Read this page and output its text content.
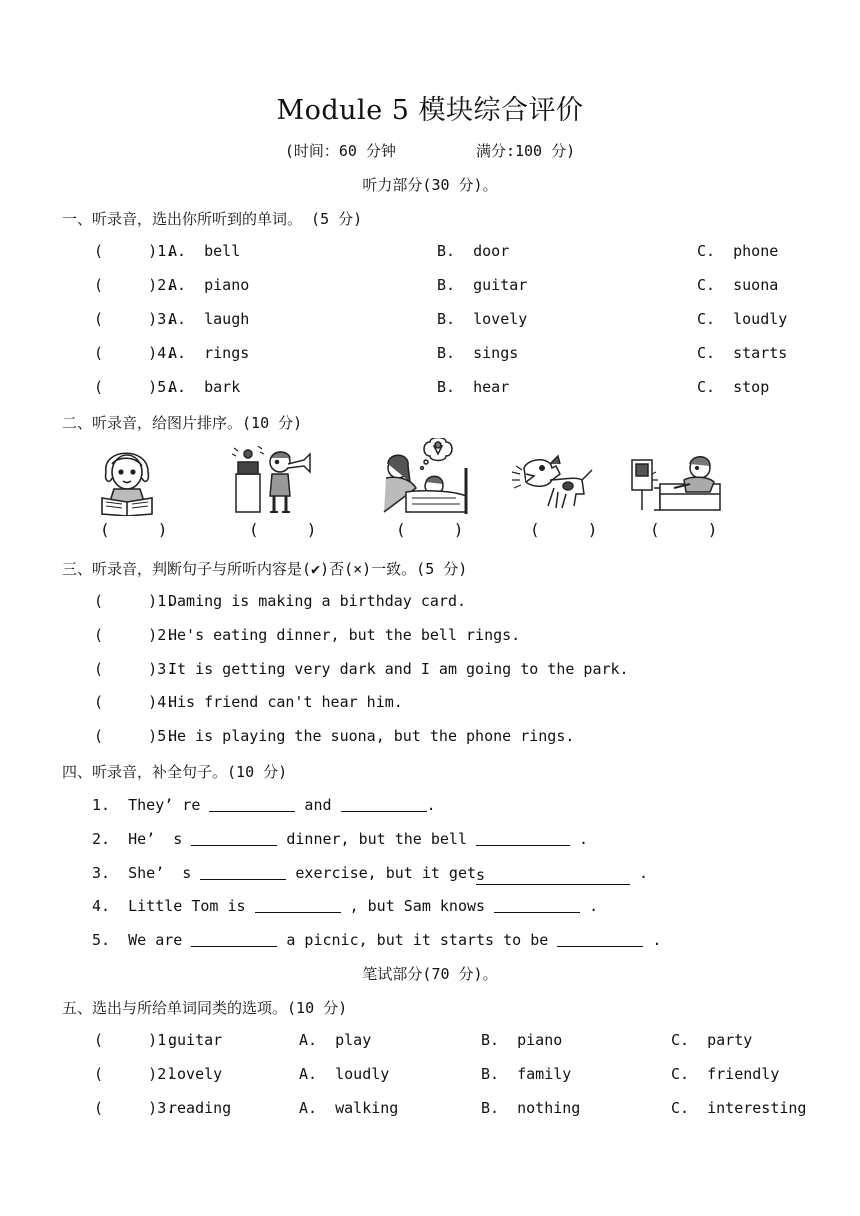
Module 5 模块综合评价
(时间：60 分钟	满分:100 分)
听力部分(30 分)。
一、听录音，选出你所听到的单词。 (5 分)
(     )1.
A.  bell	B.  door	C.  phone
(     )2.
A.  piano	B.  guitar	C.  suona
(     )3.
A.  laugh	B.  lovely	C.  loudly
(     )4.
A.  rings	B.  sings	C.  starts
(     )5.
A.  bark	B.  hear	C.  stop
二、听录音，给图片排序。(10 分)
(     )	(     )	(     )	(     )	(     )
三、听录音，判断句子与所听内容是(✔)否(×)一致。(5 分)
(     )1.
Daming is making a birthday card.
(     )2.
He's eating dinner, but the bell rings.
(     )3.
It is getting very dark and I am going to the park.
(     )4.
His friend can't hear him.
(     )5.
He is playing the suona, but the phone rings.
四、听录音，补全句子。(10 分)
1.  They’ re	and	.
2.  He’  s	dinner, but the bell	.
3.  She’  s	exercise, but it gets	.
4.  Little Tom is	, but Sam knows	.
5.  We are	a picnic, but it starts to be	.
笔试部分(70 分)。
五、选出与所给单词同类的选项。(10 分)
(     )1.
guitar	A.  play	B.  piano	C.  party
(     )2.
lovely	A.  loudly	B.  family	C.  friendly
(     )3.
reading	A.  walking	B.  nothing	C.  interesting
